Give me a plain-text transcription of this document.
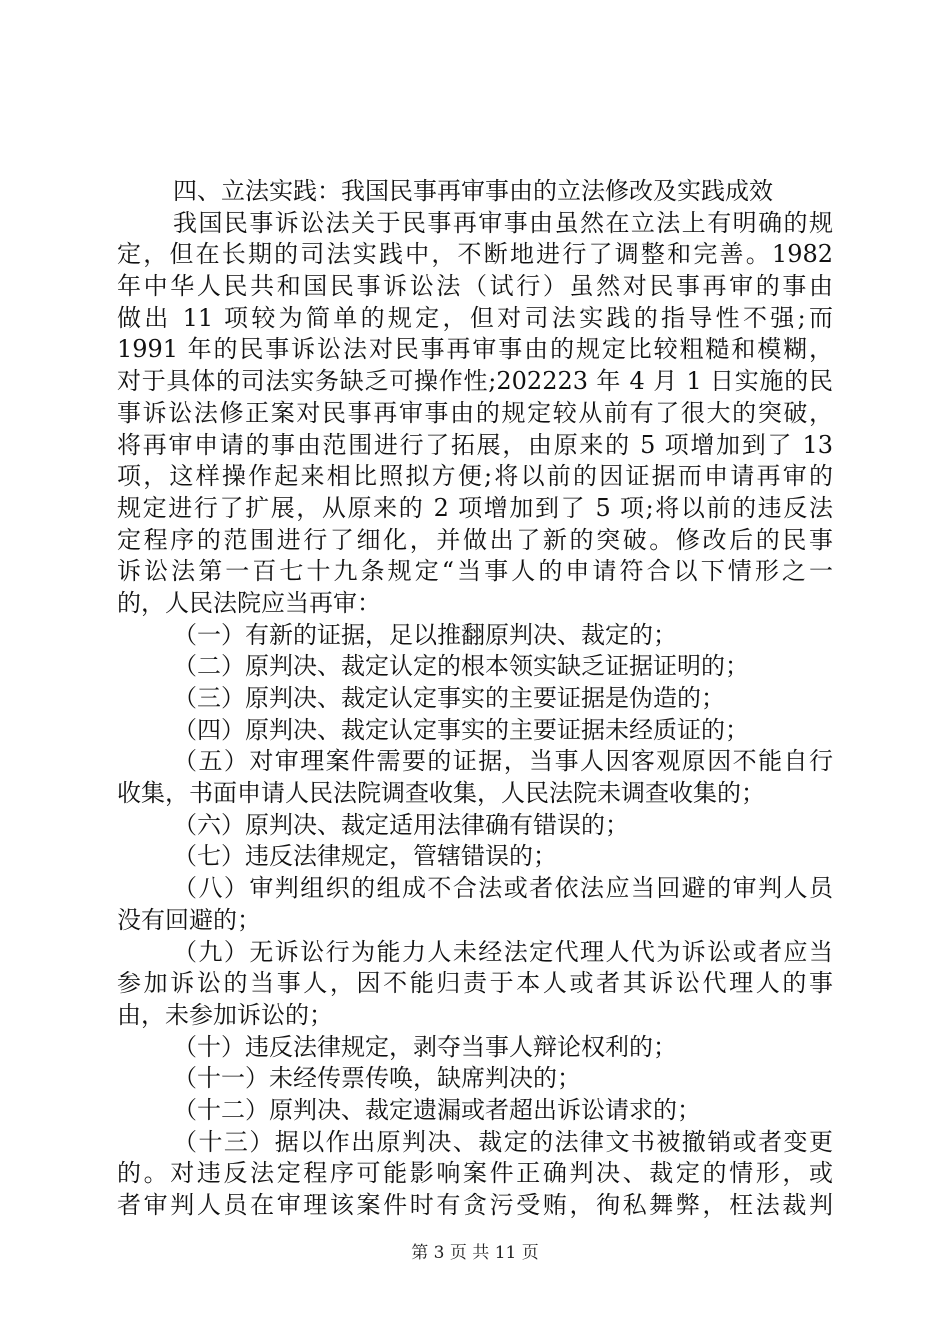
四、立法实践：我国民事再审事由的立法修改及实践成效
我国民事诉讼法关于民事再审事由虽然在立法上有明确的规
定，但在长期的司法实践中，不断地进行了调整和完善。1982
年中华人民共和国民事诉讼法（试行）虽然对民事再审的事由
做出 11 项较为简单的规定，但对司法实践的指导性不强;而
1991 年的民事诉讼法对民事再审事由的规定比较粗糙和模糊，
对于具体的司法实务缺乏可操作性;202223 年 4 月 1 日实施的民
事诉讼法修正案对民事再审事由的规定较从前有了很大的突破，
将再审申请的事由范围进行了拓展，由原来的 5 项增加到了 13
项，这样操作起来相比照拟方便;将以前的因证据而申请再审的
规定进行了扩展，从原来的 2 项增加到了 5 项;将以前的违反法
定程序的范围进行了细化，并做出了新的突破。修改后的民事
诉讼法第一百七十九条规定“当事人的申请符合以下情形之一
的，人民法院应当再审：
（一）有新的证据，足以推翻原判决、裁定的；
（二）原判决、裁定认定的根本领实缺乏证据证明的；
（三）原判决、裁定认定事实的主要证据是伪造的；
（四）原判决、裁定认定事实的主要证据未经质证的；
（五）对审理案件需要的证据，当事人因客观原因不能自行
收集，书面申请人民法院调查收集，人民法院未调查收集的；
（六）原判决、裁定适用法律确有错误的；
（七）违反法律规定，管辖错误的；
（八）审判组织的组成不合法或者依法应当回避的审判人员
没有回避的；
（九）无诉讼行为能力人未经法定代理人代为诉讼或者应当
参加诉讼的当事人，因不能归责于本人或者其诉讼代理人的事
由，未参加诉讼的；
（十）违反法律规定，剥夺当事人辩论权利的；
（十一）未经传票传唤，缺席判决的；
（十二）原判决、裁定遗漏或者超出诉讼请求的；
（十三）据以作出原判决、裁定的法律文书被撤销或者变更
的。对违反法定程序可能影响案件正确判决、裁定的情形，或
者审判人员在审理该案件时有贪污受贿，徇私舞弊，枉法裁判
第 3 页 共 11 页
